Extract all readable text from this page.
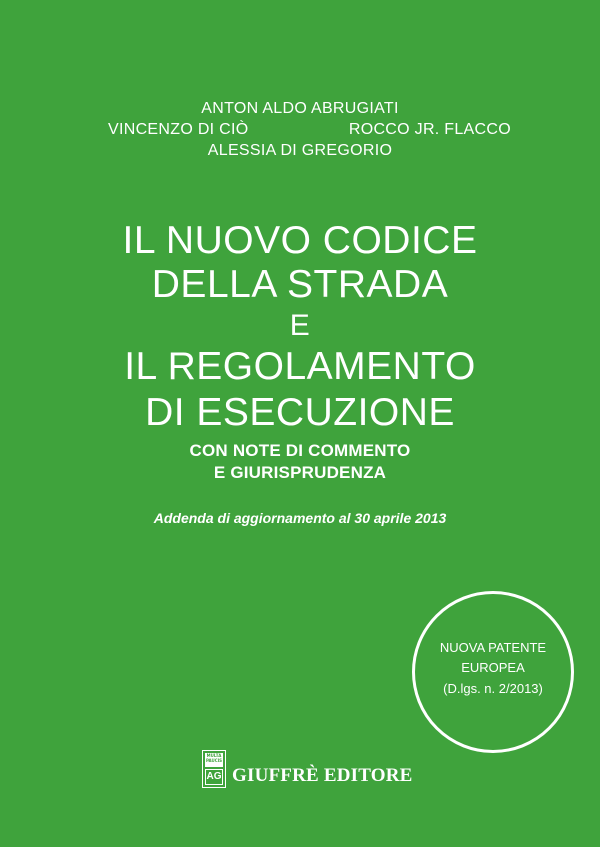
ANTON ALDO ABRUGIATI
VINCENZO DI CIÒ	ROCCO JR. FLACCO
ALESSIA DI GREGORIO
IL NUOVO CODICE
DELLA STRADA
E
IL REGOLAMENTO
DI ESECUZIONE
CON NOTE DI COMMENTO
E GIURISPRUDENZA
Addenda di aggiornamento al 30 aprile 2013
NUOVA PATENTE
EUROPEA
(D.lgs. n. 2/2013)
MULTA PAUCIS
AG GIUFFRÈ EDITORE
